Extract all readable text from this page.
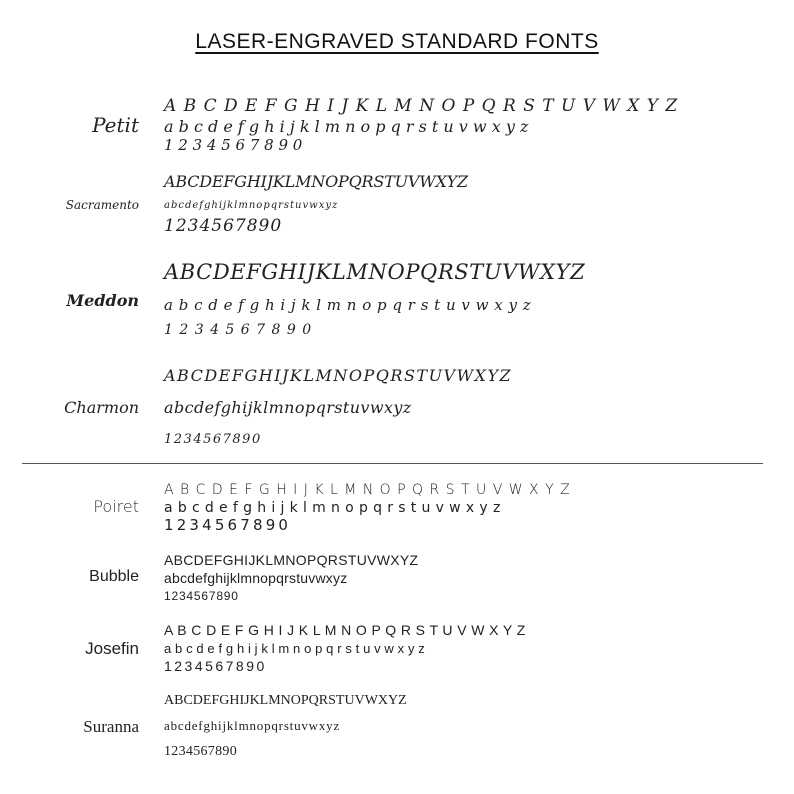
LASER-ENGRAVED STANDARD FONTS
Petit
A B C D E F G H I J K L M N O P Q R S T U V W X Y Z
a b c d e f g h i j k l m n o p q r s t u v w x y z
1 2 3 4 5 6 7 8 9 0
Sacramento
ABCDEFGHIJKLMNOPQRSTUVWXYZ
abcdefghijklmnopqrstuvwxyz
1234567890
Meddon
ABCDEFGHIJKLMNOPQRSTUVWXYZ
a b c d e f g h i j k l m n o p q r s t u v w x y z
1 2 3 4 5 6 7 8 9 0
Charmon
ABCDEFGHIJKLMNOPQRSTUVWXYZ
abcdefghijklmnopqrstuvwxyz
1234567890
Poiret
A B C D E F G H I J K L M N O P Q R S T U V W X Y Z
a b c d e f g h i j k l m n o p q r s t u v w x y z
1 2 3 4 5 6 7 8 9 0
Bubble
ABCDEFGHIJKLMNOPQRSTUVWXYZ
abcdefghijklmnopqrstuvwxyz
1234567890
Josefin
A B C D E F G H I J K L M N O P Q R S T U V W X Y Z
a b c d e f g h i j k l m n o p q r s t u v w x y z
1 2 3 4 5 6 7 8 9 0
Suranna
ABCDEFGHIJKLMNOPQRSTUVWXYZ
abcdefghijklmnopqrstuvwxyz
1234567890
